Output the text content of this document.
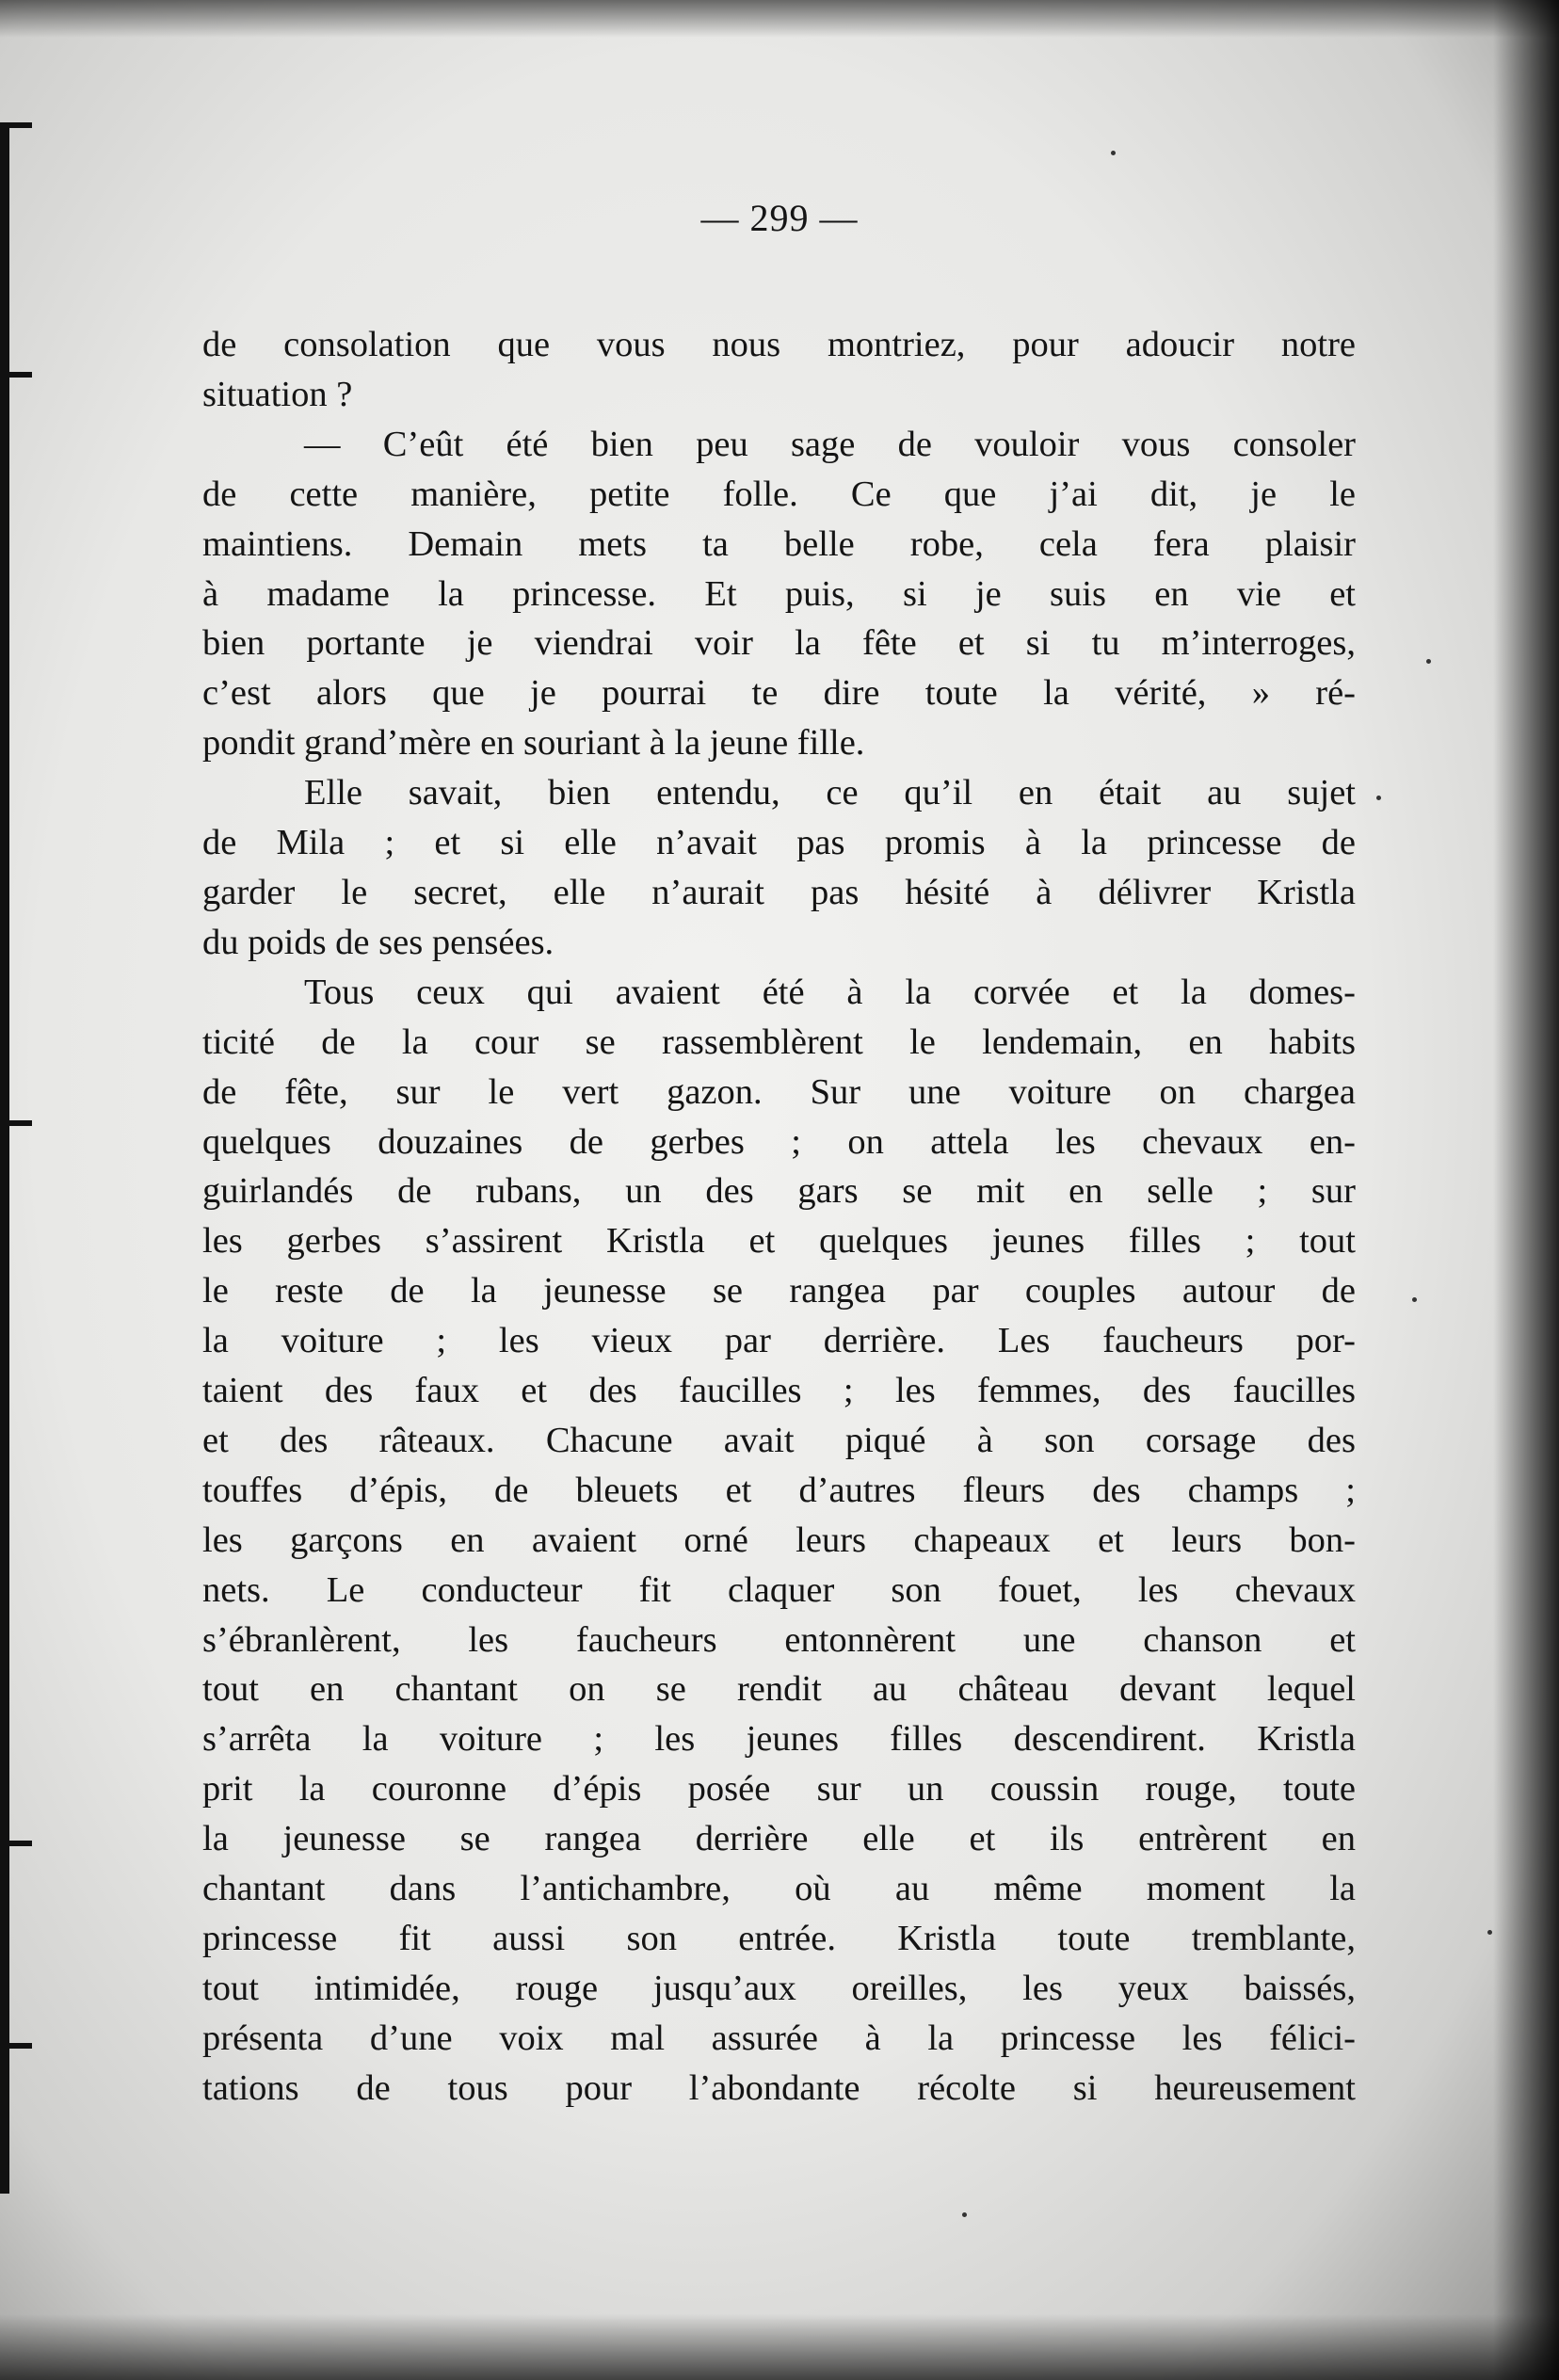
— 299 —
de consolation que vous nous montriez, pour adoucir notre
situation ?
— C’eût été bien peu sage de vouloir vous consoler
de cette manière, petite folle. Ce que j’ai dit, je le
maintiens. Demain mets ta belle robe, cela fera plaisir
à madame la princesse. Et puis, si je suis en vie et
bien portante je viendrai voir la fête et si tu m’interroges,
c’est alors que je pourrai te dire toute la vérité, » ré-
pondit grand’mère en souriant à la jeune fille.
Elle savait, bien entendu, ce qu’il en était au sujet
de Mila ; et si elle n’avait pas promis à la princesse de
garder le secret, elle n’aurait pas hésité à délivrer Kristla
du poids de ses pensées.
Tous ceux qui avaient été à la corvée et la domes-
ticité de la cour se rassemblèrent le lendemain, en habits
de fête, sur le vert gazon. Sur une voiture on chargea
quelques douzaines de gerbes ; on attela les chevaux en-
guirlandés de rubans, un des gars se mit en selle ; sur
les gerbes s’assirent Kristla et quelques jeunes filles ; tout
le reste de la jeunesse se rangea par couples autour de
la voiture ; les vieux par derrière. Les faucheurs por-
taient des faux et des faucilles ; les femmes, des faucilles
et des râteaux. Chacune avait piqué à son corsage des
touffes d’épis, de bleuets et d’autres fleurs des champs ;
les garçons en avaient orné leurs chapeaux et leurs bon-
nets. Le conducteur fit claquer son fouet, les chevaux
s’ébranlèrent, les faucheurs entonnèrent une chanson et
tout en chantant on se rendit au château devant lequel
s’arrêta la voiture ; les jeunes filles descendirent. Kristla
prit la couronne d’épis posée sur un coussin rouge, toute
la jeunesse se rangea derrière elle et ils entrèrent en
chantant dans l’antichambre, où au même moment la
princesse fit aussi son entrée. Kristla toute tremblante,
tout intimidée, rouge jusqu’aux oreilles, les yeux baissés,
présenta d’une voix mal assurée à la princesse les félici-
tations de tous pour l’abondante récolte si heureusement
